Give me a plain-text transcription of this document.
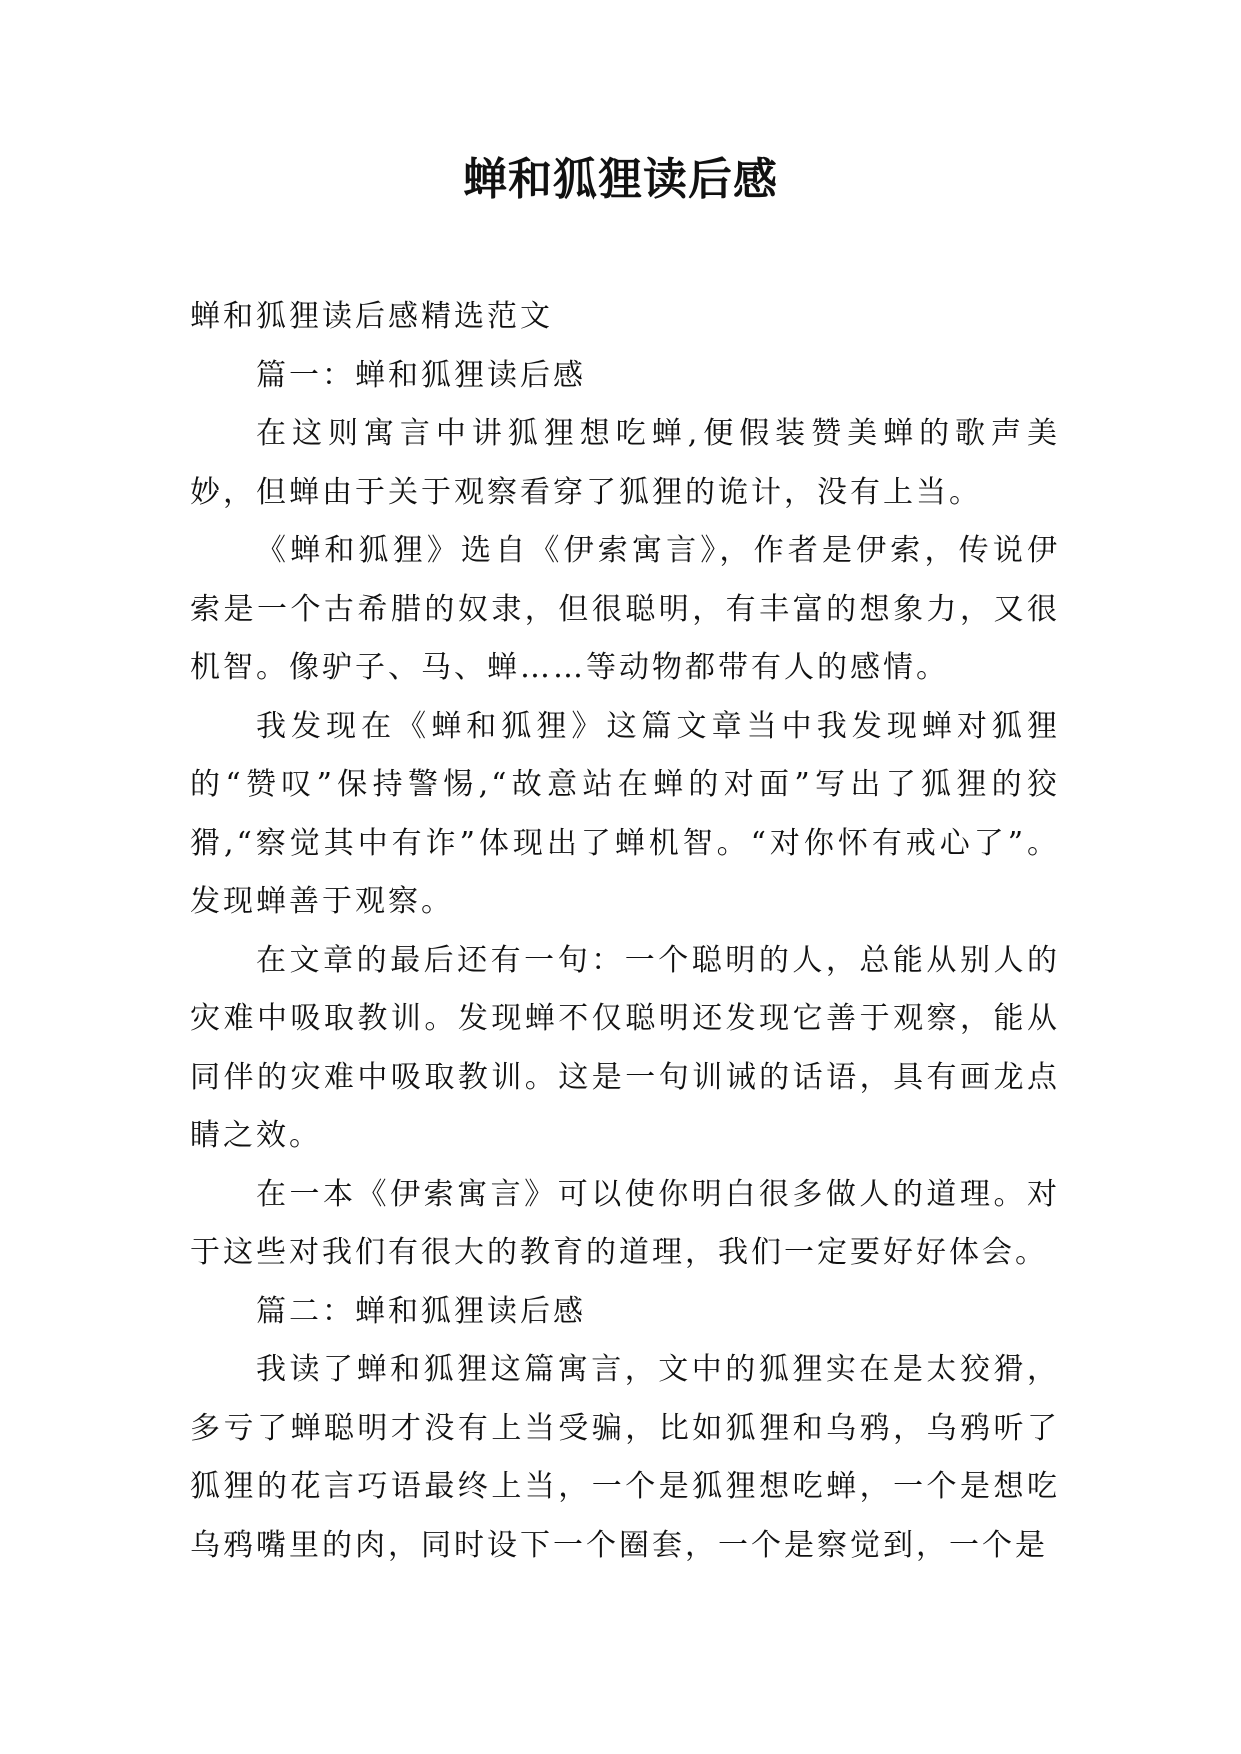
蝉和狐狸读后感

蝉和狐狸读后感精选范文

篇一：蝉和狐狸读后感

在这则寓言中讲狐狸想吃蝉,便假装赞美蝉的歌声美妙，但蝉由于关于观察看穿了狐狸的诡计，没有上当。

《蝉和狐狸》选自《伊索寓言》，作者是伊索，传说伊索是一个古希腊的奴隶，但很聪明，有丰富的想象力，又很机智。像驴子、马、蝉……等动物都带有人的感情。

我发现在《蝉和狐狸》这篇文章当中我发现蝉对狐狸的“赞叹”保持警惕,“故意站在蝉的对面”写出了狐狸的狡猾,“察觉其中有诈”体现出了蝉机智。“对你怀有戒心了”。发现蝉善于观察。

在文章的最后还有一句：一个聪明的人，总能从别人的灾难中吸取教训。发现蝉不仅聪明还发现它善于观察，能从同伴的灾难中吸取教训。这是一句训诫的话语，具有画龙点睛之效。

在一本《伊索寓言》可以使你明白很多做人的道理。对于这些对我们有很大的教育的道理，我们一定要好好体会。

篇二：蝉和狐狸读后感

我读了蝉和狐狸这篇寓言，文中的狐狸实在是太狡猾，多亏了蝉聪明才没有上当受骗，比如狐狸和乌鸦，乌鸦听了狐狸的花言巧语最终上当，一个是狐狸想吃蝉，一个是想吃乌鸦嘴里的肉，同时设下一个圈套，一个是察觉到，一个是
